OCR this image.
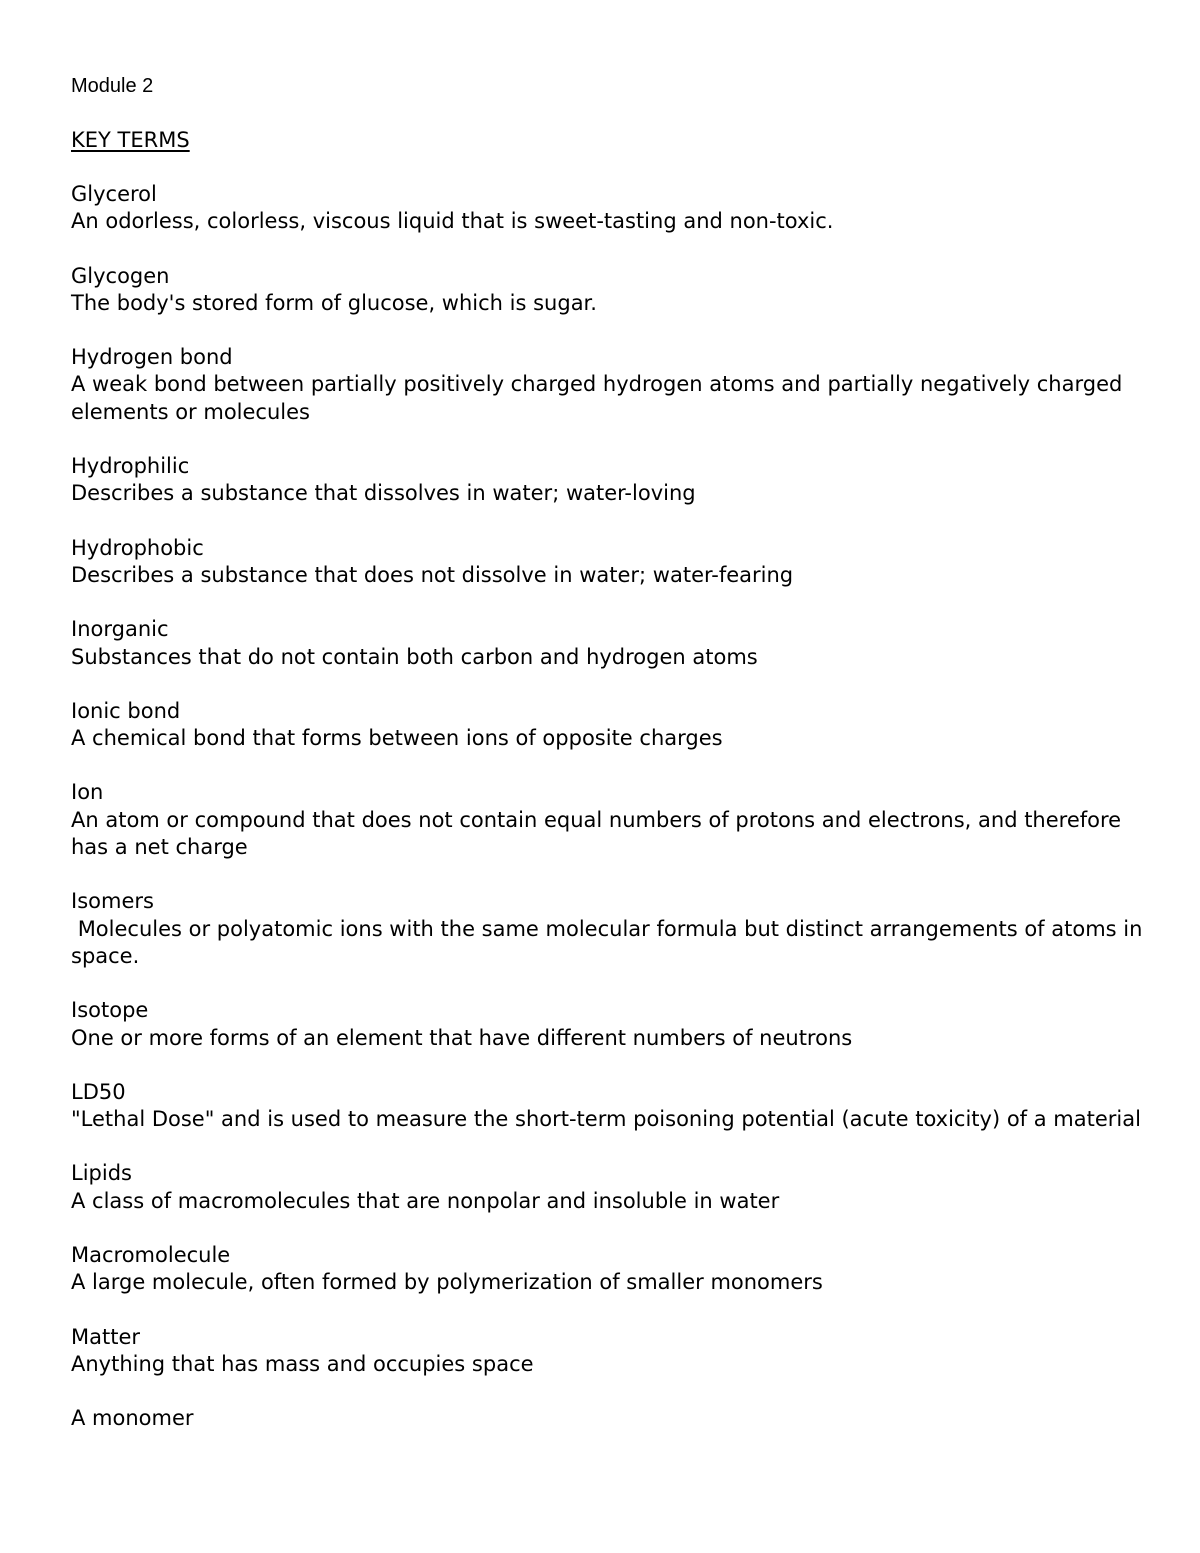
Module 2
KEY TERMS
Glycerol
An odorless, colorless, viscous liquid that is sweet-tasting and non-toxic.
Glycogen
The body's stored form of glucose, which is sugar.
Hydrogen bond
A weak bond between partially positively charged hydrogen atoms and partially negatively charged elements or molecules
Hydrophilic
Describes a substance that dissolves in water; water-loving
Hydrophobic
Describes a substance that does not dissolve in water; water-fearing
Inorganic
Substances that do not contain both carbon and hydrogen atoms
Ionic bond
A chemical bond that forms between ions of opposite charges
Ion
An atom or compound that does not contain equal numbers of protons and electrons, and therefore has a net charge
Isomers
Molecules or polyatomic ions with the same molecular formula but distinct arrangements of atoms in space.
Isotope
One or more forms of an element that have different numbers of neutrons
LD50
"Lethal Dose" and is used to measure the short-term poisoning potential (acute toxicity) of a material
Lipids
A class of macromolecules that are nonpolar and insoluble in water
Macromolecule
A large molecule, often formed by polymerization of smaller monomers
Matter
Anything that has mass and occupies space
A monomer
